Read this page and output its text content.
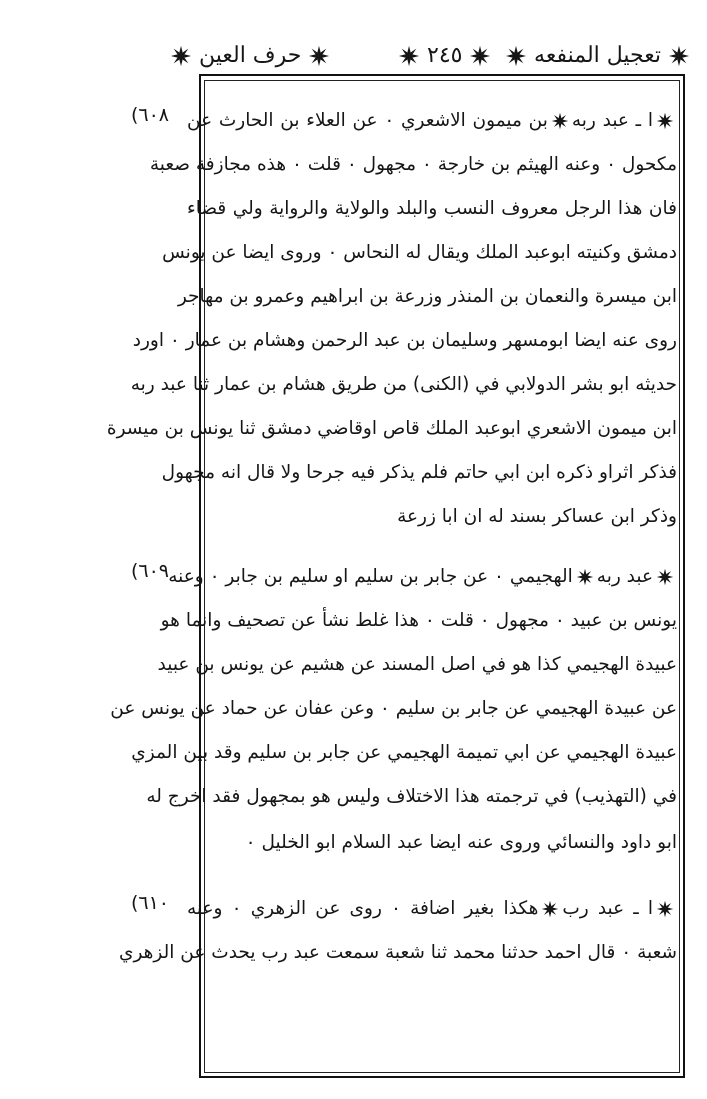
تعجيل المنفعه
٢٤٥
حرف العين
(٦٠٨
(٦٠٩
(٦١٠
ا ـ عبد ربهبن ميمون الاشعري ٠ عن العلاء بن الحارث عن
مكحول ٠ وعنه الهيثم بن خارجة ٠ مجهول ٠ قلت ٠ هذه مجازفة صعبة
فان هذا الرجل معروف النسب والبلد والولاية والرواية ولي قضاء
دمشق وكنيته ابوعبد الملك ويقال له النحاس ٠ وروى ايضا عن يونس
ابن ميسرة والنعمان بن المنذر وزرعة بن ابراهيم وعمرو بن مهاجر
روى عنه ايضا ابومسهر وسليمان بن عبد الرحمن وهشام بن عمار ٠ اورد
حديثه ابو بشر الدولابي في (الكنى) من طريق هشام بن عمار ثنا عبد ربه
ابن ميمون الاشعري ابوعبد الملك قاص اوقاضي دمشق ثنا يونس بن ميسرة
فذكر اثراو ذكره ابن ابي حاتم فلم يذكر فيه جرحا ولا قال انه مجهول
وذكر ابن عساكر بسند له ان ابا زرعة
عبد ربهالهجيمي ٠ عن جابر بن سليم او سليم بن جابر ٠ وعنه
يونس بن عبيد ٠ مجهول ٠ قلت ٠ هذا غلط نشأ عن تصحيف وانما هو
عبيدة الهجيمي كذا هو في اصل المسند عن هشيم عن يونس بن عبيد
عن عبيدة الهجيمي عن جابر بن سليم ٠ وعن عفان عن حماد عن يونس عن
عبيدة الهجيمي عن ابي تميمة الهجيمي عن جابر بن سليم وقد بين المزي
في (التهذيب) في ترجمته هذا الاختلاف وليس هو بمجهول فقد اخرج له
ابو داود والنسائي وروى عنه ايضا عبد السلام ابو الخليل ٠
ا ـ عبد ربهكذا بغير اضافة ٠ روى عن الزهري ٠ وعنه
شعبة ٠ قال احمد حدثنا محمد ثنا شعبة سمعت عبد رب يحدث عن الزهري
